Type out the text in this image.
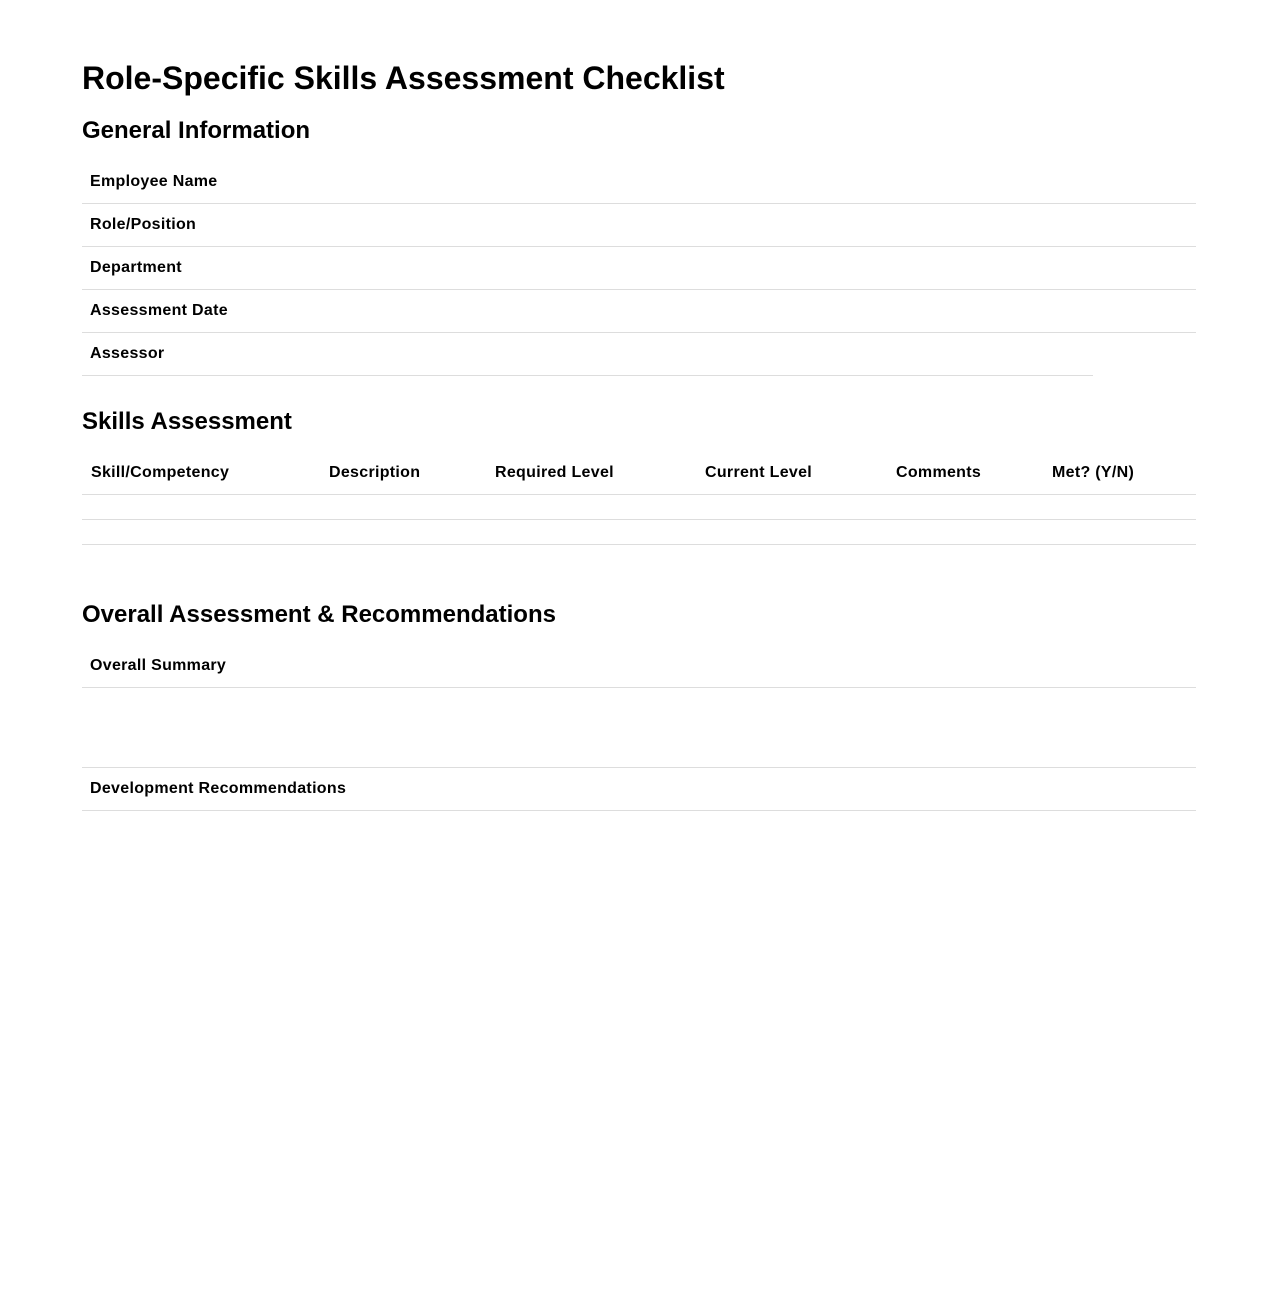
Role-Specific Skills Assessment Checklist
General Information
Employee Name
Role/Position
Department
Assessment Date
Assessor
Skills Assessment
Skill/Competency	Description	Required Level	Current Level	Comments	Met? (Y/N)
Overall Assessment & Recommendations
Overall Summary
Development Recommendations
